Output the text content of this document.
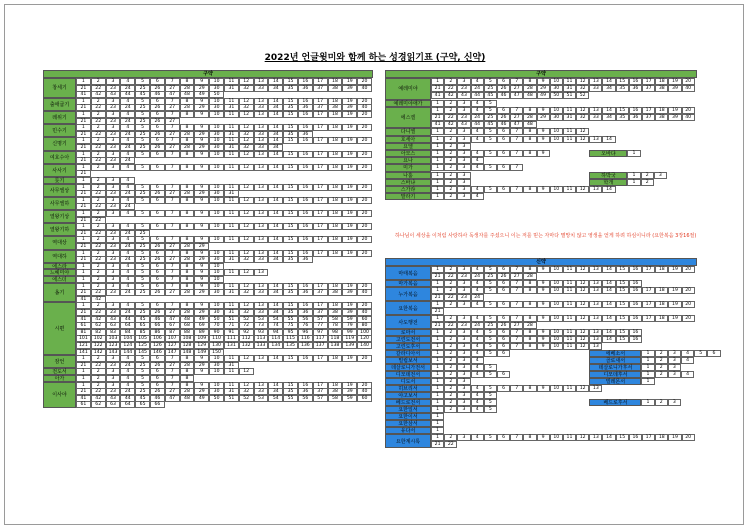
2022년 언글윗미와 함께 하는 성경읽기표 (구약, 신약)
구약	구약
신약
하나님이 세상을 이처럼 사랑하사 독생자를 주셨으니 이는 저를 믿는 자마다 멸망치 않고 영생을 얻게 하려 하심이니라 (요한복음 3장16절)
창세기
1	2	3	4	5	6	7	8	9	10	11	12	13	14	15	16	17	18	19	20
21	22	23	24	25	26	27	28	29	30	31	32	33	34	35	36	37	38	39	40
41	42	43	44	45	46	47	48	49	50
출애굽기
1	2	3	4	5	6	7	8	9	10	11	12	13	14	15	16	17	18	19	20
21	22	23	24	25	26	27	28	29	30	31	32	33	34	35	36	37	38	39	40
레위기
1	2	3	4	5	6	7	8	9	10	11	12	13	14	15	16	17	18	19	20
21	22	23	24	25	26	27
민수기
1	2	3	4	5	6	7	8	9	10	11	12	13	14	15	16	17	18	19	20
21	22	23	24	25	26	27	28	29	30	31	32	33	34	35	36
신명기
1	2	3	4	5	6	7	8	9	10	11	12	13	14	15	16	17	18	19	20
21	22	23	24	25	26	27	28	29	30	31	32	33	34
여호수아
1	2	3	4	5	6	7	8	9	10	11	12	13	14	15	16	17	18	19	20
21	22	23	24
사사기
1	2	3	4	5	6	7	8	9	10	11	12	13	14	15	16	17	18	19	20
21
룻기	1	2	3	4
사무엘상
1	2	3	4	5	6	7	8	9	10	11	12	13	14	15	16	17	18	19	20
21	22	23	24	25	26	27	28	29	30	31
사무엘하
1	2	3	4	5	6	7	8	9	10	11	12	13	14	15	16	17	18	19	20
21	22	23	24
열왕기상
1	2	3	4	5	6	7	8	9	10	11	12	13	14	15	16	17	18	19	20
21	22
열왕기하
1	2	3	4	5	6	7	8	9	10	11	12	13	14	15	16	17	18	19	20
21	22	23	24	25
역대상
1	2	3	4	5	6	7	8	9	10	11	12	13	14	15	16	17	18	19	20
21	22	23	24	25	26	27	28	29
역대하
1	2	3	4	5	6	7	8	9	10	11	12	13	14	15	16	17	18	19	20
21	22	23	24	25	26	27	28	29	30	31	32	33	34	35	36
에스라	1	2	3	4	5	6	7	8	9	10
느헤미야	1	2	3	4	5	6	7	8	9	10	11	12	13
에스더	1	2	3	4	5	6	7	8	9	10
욥기
1	2	3	4	5	6	7	8	9	10	11	12	13	14	15	16	17	18	19	20
21	22	23	24	25	26	27	28	29	30	31	32	33	34	35	36	37	38	39	40
41	42
시편
1	2	3	4	5	6	7	8	9	10	11	12	13	14	15	16	17	18	19	20
21	22	23	24	25	26	27	28	29	30	31	32	33	34	35	36	37	38	39	40
41	42	43	44	45	46	47	48	49	50	51	52	53	54	55	56	57	58	59	60
61	62	63	64	65	66	67	68	69	70	71	72	73	74	75	76	77	78	79	80
81	82	83	84	85	86	87	88	89	90	91	92	93	94	95	96	97	98	99	100
101	102	103	104	105	106	107	108	109	110	111	112	113	114	115	116	117	118	119	120
121	122	123	124	125	126	127	128	129	130	131	132	133	134	135	136	137	138	139	140
141	142	143	144	145	146	147	148	149	150
잠언
1	2	3	4	5	6	7	8	9	10	11	12	13	14	15	16	17	18	19	20
21	22	23	24	25	26	27	28	29	30	31
전도서	1	2	3	4	5	6	7	8	9	10	11	12
아가	1	2	3	4	5	6	7	8
이사야
1	2	3	4	5	6	7	8	9	10	11	12	13	14	15	16	17	18	19	20
21	22	23	24	25	26	27	28	29	30	31	32	33	34	35	36	37	38	39	40
41	42	43	44	45	46	47	48	49	50	51	52	53	54	55	56	57	58	59	60
61	62	63	64	65	66
예레미야
1	2	3	4	5	6	7	8	9	10	11	12	13	14	15	16	17	18	19	20
21	22	23	24	25	26	27	28	29	30	31	32	33	34	35	36	37	38	39	40
41	42	43	44	45	46	47	48	49	50	51	52
예레미야애가	1	2	3	4	5
에스겔
1	2	3	4	5	6	7	8	9	10	11	12	13	14	15	16	17	18	19	20
21	22	23	24	25	26	27	28	29	30	31	32	33	34	35	36	37	38	39	40
41	42	43	44	45	46	47	48
다니엘	1	2	3	4	5	6	7	8	9	10	11	12
호세아	1	2	3	4	5	6	7	8	9	10	11	12	13	14
요엘	1	2	3
아모스	1	2	3	4	5	6	7	8	9	오바댜	1
요나	1	2	3	4
미가	1	2	3	4	5	6	7
나훔	1	2	3	하박국	1	2	3
스바냐	1	2	3	학개	1	2
스가랴	1	2	3	4	5	6	7	8	9	10	11	12	13	14
말라기	1	2	3	4
마태복음
1	2	3	4	5	6	7	8	9	10	11	12	13	14	15	16	17	18	19	20
21	22	23	24	25	26	27	28
마가복음	1	2	3	4	5	6	7	8	9	10	11	12	13	14	15	16
누가복음
1	2	3	4	5	6	7	8	9	10	11	12	13	14	15	16	17	18	19	20
21	22	23	24
요한복음
1	2	3	4	5	6	7	8	9	10	11	12	13	14	15	16	17	18	19	20
21
사도행전
1	2	3	4	5	6	7	8	9	10	11	12	13	14	15	16	17	18	19	20
21	22	23	24	25	26	27	28
로마서	1	2	3	4	5	6	7	8	9	10	11	12	13	14	15	16
고린도전서	1	2	3	4	5	6	7	8	9	10	11	12	13	14	15	16
고린도후서	1	2	3	4	5	6	7	8	9	10	11	12	13
갈라디아서	1	2	3	4	5	6	에베소서	1	2	3	4	5	6
빌립보서	1	2	3	4	골로새서	1	2	3	4
데살로니가전서	1	2	3	4	5	데살로니가후서	1	2	3
디모데전서	1	2	3	4	5	6	디모데후서	1	2	3	4
디도서	1	2	3	빌레몬서	1
히브리서	1	2	3	4	5	6	7	8	9	10	11	12	13
야고보서	1	2	3	4	5
베드로전서	1	2	3	4	5	베드로후서	1	2	3
요한일서	1	2	3	4	5
요한이서	1
요한삼서	1
유다서	1
요한계시록
1	2	3	4	5	6	7	8	9	10	11	12	13	14	15	16	17	18	19	20
21	22
